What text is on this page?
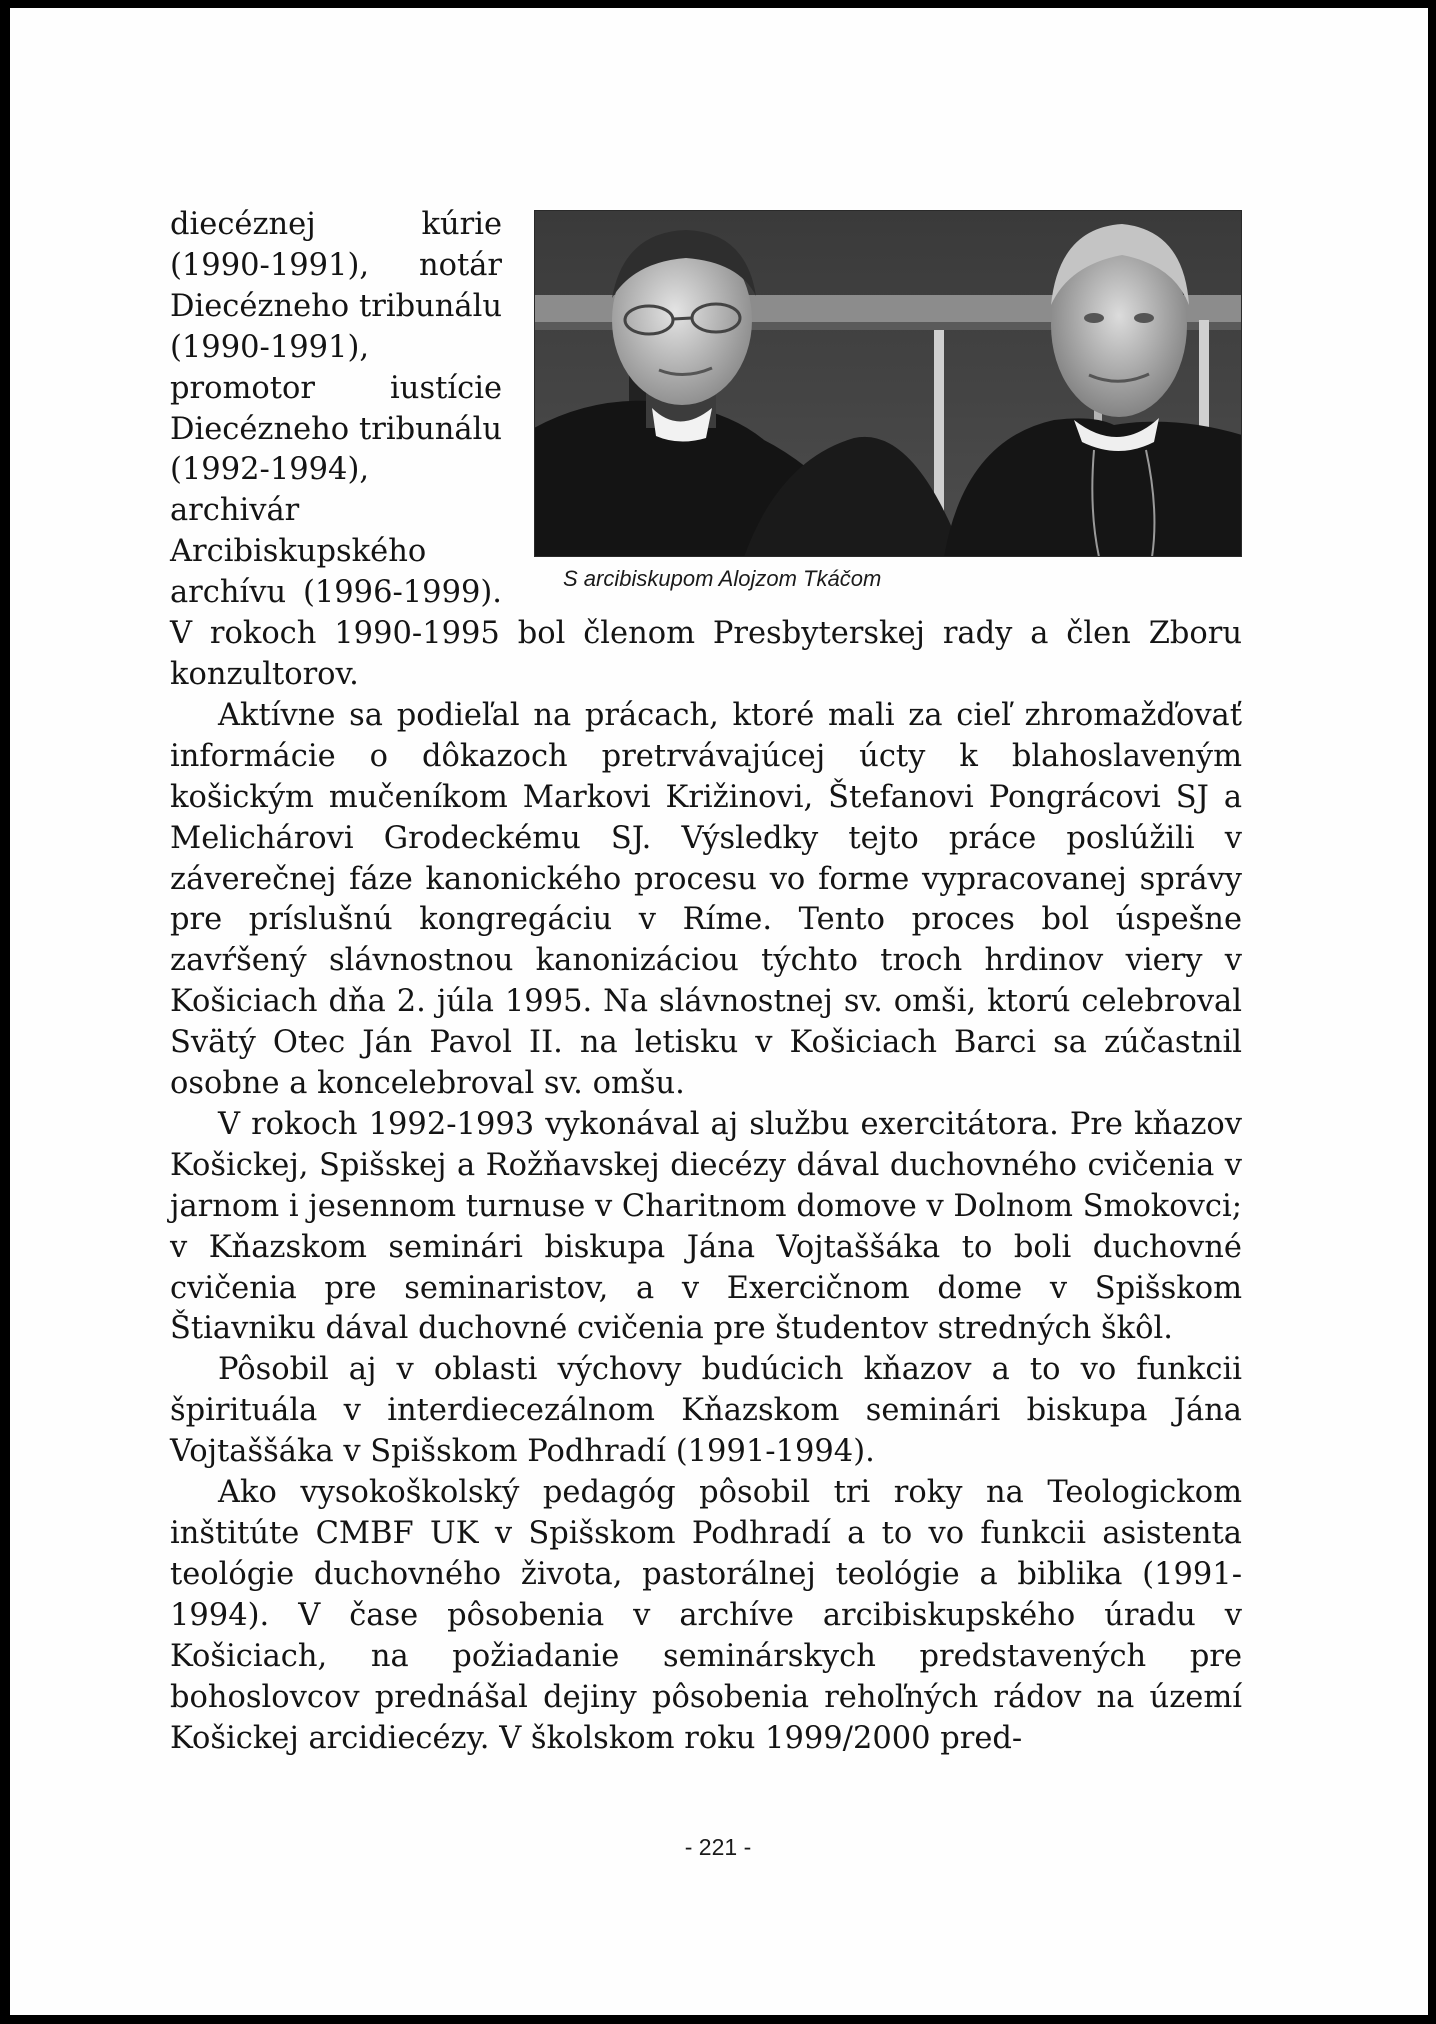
S arcibiskupom Alojzom Tkáčom

diecéznej kúrie (1990-1991), notár Diecézneho tribunálu (1990-1991), promotor iustície Diecézneho tribunálu (1992-1994), archivár Arcibiskupského archívu (1996-1999). V rokoch 1990-1995 bol členom Presbyterskej rady a člen Zboru konzultorov.

Aktívne sa podieľal na prácach, ktoré mali za cieľ zhromažďovať informácie o dôkazoch pretrvávajúcej úcty k blahoslaveným košickým mučeníkom Markovi Križinovi, Štefanovi Pongrácovi SJ a Melichárovi Grodeckému SJ. Výsledky tejto práce poslúžili v záverečnej fáze kanonického procesu vo forme vypracovanej správy pre príslušnú kongregáciu v Ríme. Tento proces bol úspešne zavŕšený slávnostnou kanonizáciou týchto troch hrdinov viery v Košiciach dňa 2. júla 1995. Na slávnostnej sv. omši, ktorú celebroval Svätý Otec Ján Pavol II. na letisku v Košiciach Barci sa zúčastnil osobne a koncelebroval sv. omšu.

V rokoch 1992-1993 vykonával aj službu exercitátora. Pre kňazov Košickej, Spišskej a Rožňavskej diecézy dával duchovného cvičenia v jarnom i jesennom turnuse v Charitnom domove v Dolnom Smokovci; v Kňazskom seminári biskupa Jána Vojtaššáka to boli duchovné cvičenia pre seminaristov, a v Exercičnom dome v Spišskom Štiavniku dával duchovné cvičenia pre študentov stredných škôl.

Pôsobil aj v oblasti výchovy budúcich kňazov a to vo funkcii špirituála v interdiecezálnom Kňazskom seminári biskupa Jána Vojtaššáka v Spišskom Podhradí (1991-1994).

Ako vysokoškolský pedagóg pôsobil tri roky na Teologickom inštitúte CMBF UK v Spišskom Podhradí a to vo funkcii asistenta teológie duchovného života, pastorálnej teológie a biblika (1991-1994). V čase pôsobenia v archíve arcibiskupského úradu v Košiciach, na požiadanie seminárskych predstavených pre bohoslovcov prednášal dejiny pôsobenia rehoľných rádov na území Košickej arcidiecézy. V školskom roku 1999/2000 pred-

- 221 -
